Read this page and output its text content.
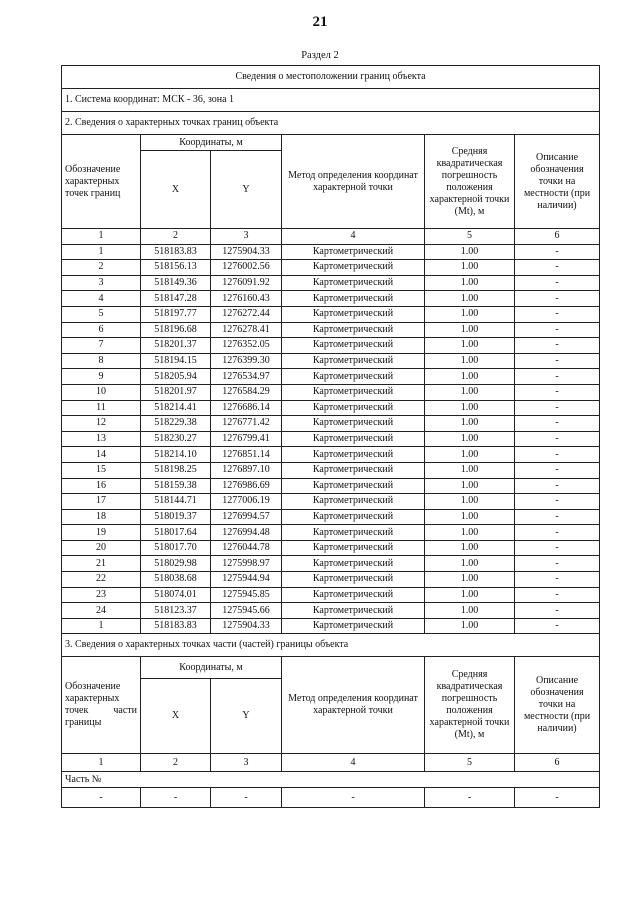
21
Раздел 2
Сведения о местоположении границ объекта					
1. Система координат: МСК - 36, зона 1					
2. Сведения о характерных точках границ объекта					
Обозначение характерных точек границ	Координаты, м		Метод определения координат характерной точки	Средняя квадратическая погрешность положения характерной точки (Mt), м	Описание обозначения точки на местности (при наличии)
	X	Y			
1	2	3	4	5	6
1	518183.83	1275904.33	Картометрический	1.00	-
2	518156.13	1276002.56	Картометрический	1.00	-
3	518149.36	1276091.92	Картометрический	1.00	-
4	518147.28	1276160.43	Картометрический	1.00	-
5	518197.77	1276272.44	Картометрический	1.00	-
6	518196.68	1276278.41	Картометрический	1.00	-
7	518201.37	1276352.05	Картометрический	1.00	-
8	518194.15	1276399.30	Картометрический	1.00	-
9	518205.94	1276534.97	Картометрический	1.00	-
10	518201.97	1276584.29	Картометрический	1.00	-
11	518214.41	1276686.14	Картометрический	1.00	-
12	518229.38	1276771.42	Картометрический	1.00	-
13	518230.27	1276799.41	Картометрический	1.00	-
14	518214.10	1276851.14	Картометрический	1.00	-
15	518198.25	1276897.10	Картометрический	1.00	-
16	518159.38	1276986.69	Картометрический	1.00	-
17	518144.71	1277006.19	Картометрический	1.00	-
18	518019.37	1276994.57	Картометрический	1.00	-
19	518017.64	1276994.48	Картометрический	1.00	-
20	518017.70	1276044.78	Картометрический	1.00	-
21	518029.98	1275998.97	Картометрический	1.00	-
22	518038.68	1275944.94	Картометрический	1.00	-
23	518074.01	1275945.85	Картометрический	1.00	-
24	518123.37	1275945.66	Картометрический	1.00	-
1	518183.83	1275904.33	Картометрический	1.00	-
3. Сведения о характерных точках части (частей) границы объекта					
Обозначение
характерных

точек части
границы	Координаты, м		Метод определения координат характерной точки	Средняя квадратическая погрешность положения характерной точки (Mt), м	Описание обозначения точки на местности (при наличии)
	X	Y			
1	2	3	4	5	6
Часть №					
-	-	-	-	-	-
